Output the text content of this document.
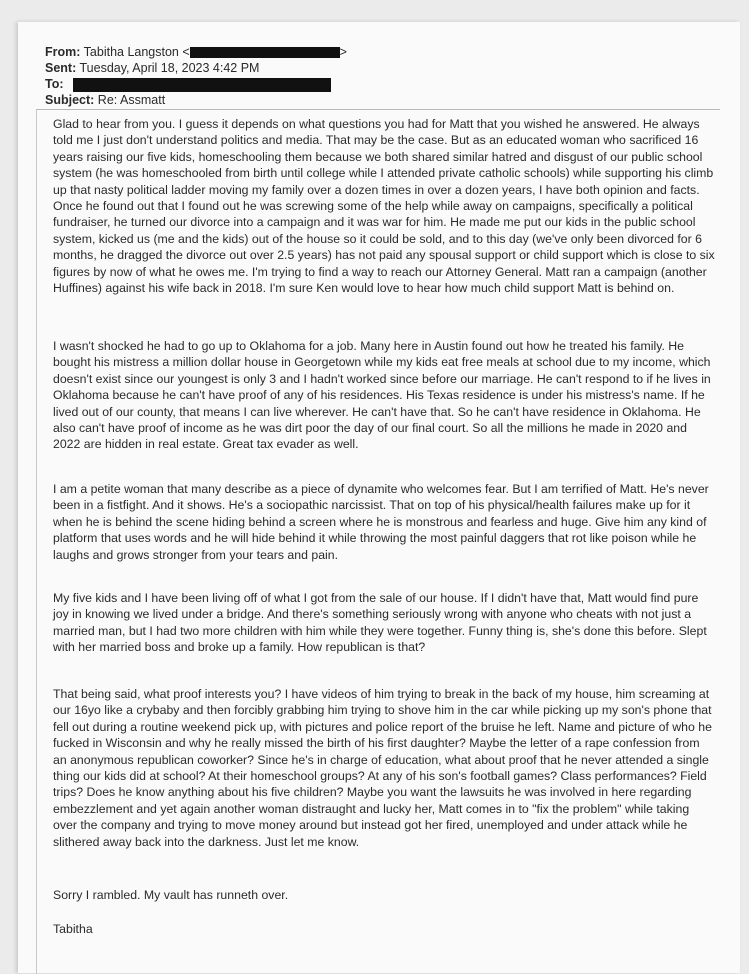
From: Tabitha Langston <	>
Sent: Tuesday, April 18, 2023 4:42 PM
To:
Subject: Re: Assmatt

Glad to hear from you. I guess it depends on what questions you had for Matt that you wished he answered. He always told me I just don't understand politics and media. That may be the case. But as an educated woman who sacrificed 16 years raising our five kids, homeschooling them because we both shared similar hatred and disgust of our public school system (he was homeschooled from birth until college while I attended private catholic schools) while supporting his climb up that nasty political ladder moving my family over a dozen times in over a dozen years, I have both opinion and facts. Once he found out that I found out he was screwing some of the help while away on campaigns, specifically a political fundraiser, he turned our divorce into a campaign and it was war for him. He made me put our kids in the public school system, kicked us (me and the kids) out of the house so it could be sold, and to this day (we've only been divorced for 6 months, he dragged the divorce out over 2.5 years) has not paid any spousal support or child support which is close to six figures by now of what he owes me. I'm trying to find a way to reach our Attorney General. Matt ran a campaign (another Huffines) against his wife back in 2018. I'm sure Ken would love to hear how much child support Matt is behind on.

I wasn't shocked he had to go up to Oklahoma for a job. Many here in Austin found out how he treated his family. He bought his mistress a million dollar house in Georgetown while my kids eat free meals at school due to my income, which doesn't exist since our youngest is only 3 and I hadn't worked since before our marriage. He can't respond to if he lives in Oklahoma because he can't have proof of any of his residences. His Texas residence is under his mistress's name. If he lived out of our county, that means I can live wherever. He can't have that. So he can't have residence in Oklahoma. He also can't have proof of income as he was dirt poor the day of our final court. So all the millions he made in 2020 and 2022 are hidden in real estate. Great tax evader as well.

I am a petite woman that many describe as a piece of dynamite who welcomes fear. But I am terrified of Matt. He's never been in a fistfight. And it shows. He's a sociopathic narcissist. That on top of his physical/health failures make up for it when he is behind the scene hiding behind a screen where he is monstrous and fearless and huge. Give him any kind of platform that uses words and he will hide behind it while throwing the most painful daggers that rot like poison while he laughs and grows stronger from your tears and pain.

My five kids and I have been living off of what I got from the sale of our house. If I didn't have that, Matt would find pure joy in knowing we lived under a bridge. And there's something seriously wrong with anyone who cheats with not just a married man, but I had two more children with him while they were together. Funny thing is, she's done this before. Slept with her married boss and broke up a family. How republican is that?

That being said, what proof interests you? I have videos of him trying to break in the back of my house, him screaming at our 16yo like a crybaby and then forcibly grabbing him trying to shove him in the car while picking up my son's phone that fell out during a routine weekend pick up, with pictures and police report of the bruise he left. Name and picture of who he fucked in Wisconsin and why he really missed the birth of his first daughter? Maybe the letter of a rape confession from an anonymous republican coworker? Since he's in charge of education, what about proof that he never attended a single thing our kids did at school? At their homeschool groups? At any of his son's football games? Class performances? Field trips? Does he know anything about his five children? Maybe you want the lawsuits he was involved in here regarding embezzlement and yet again another woman distraught and lucky her, Matt comes in to "fix the problem" while taking over the company and trying to move money around but instead got her fired, unemployed and under attack while he slithered away back into the darkness. Just let me know.

Sorry I rambled. My vault has runneth over.

Tabitha
